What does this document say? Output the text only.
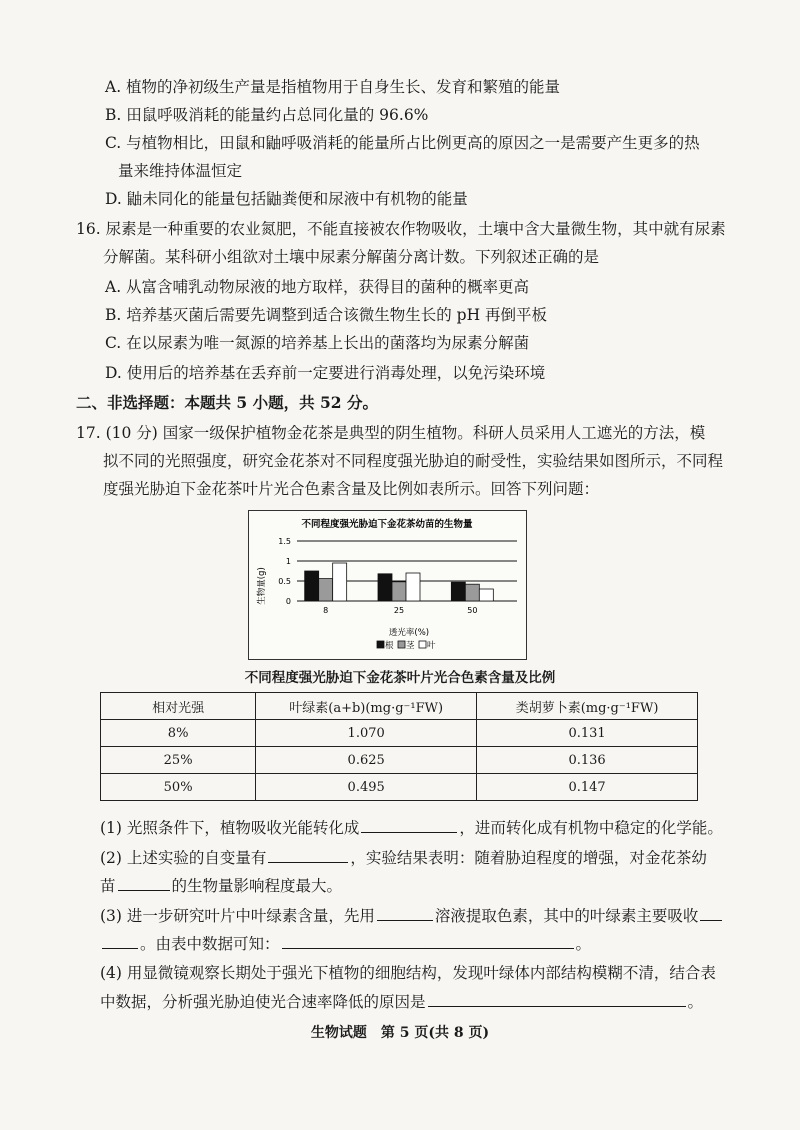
A. 植物的净初级生产量是指植物用于自身生长、发育和繁殖的能量
B. 田鼠呼吸消耗的能量约占总同化量的 96.6%
C. 与植物相比，田鼠和鼬呼吸消耗的能量所占比例更高的原因之一是需要产生更多的热
量来维持体温恒定
D. 鼬未同化的能量包括鼬粪便和尿液中有机物的能量
16. 尿素是一种重要的农业氮肥，不能直接被农作物吸收，土壤中含大量微生物，其中就有尿素
分解菌。某科研小组欲对土壤中尿素分解菌分离计数。下列叙述正确的是
A. 从富含哺乳动物尿液的地方取样，获得目的菌种的概率更高
B. 培养基灭菌后需要先调整到适合该微生物生长的 pH 再倒平板
C. 在以尿素为唯一氮源的培养基上长出的菌落均为尿素分解菌
D. 使用后的培养基在丢弃前一定要进行消毒处理，以免污染环境
二、非选择题：本题共 5 小题，共 52 分。
17. (10 分) 国家一级保护植物金花茶是典型的阴生植物。科研人员采用人工遮光的方法，模
拟不同的光照强度，研究金花茶对不同程度强光胁迫的耐受性，实验结果如图所示，不同程
度强光胁迫下金花茶叶片光合色素含量及比例如表所示。回答下列问题：
不同程度强光胁迫下金花茶幼苗的生物量
生物量(g)
透光率(%)
0
0.5
1
1.5
8	25	50
根 茎 叶
不同程度强光胁迫下金花茶叶片光合色素含量及比例
相对光强	叶绿素(a+b)(mg·g⁻¹FW)	类胡萝卜素(mg·g⁻¹FW)
8%	1.070	0.131
25%	0.625	0.136
50%	0.495	0.147
(1) 光照条件下，植物吸收光能转化成	，进而转化成有机物中稳定的化学能。
(2) 上述实验的自变量有	，实验结果表明：随着胁迫程度的增强，对金花茶幼
苗	的生物量影响程度最大。
(3) 进一步研究叶片中叶绿素含量，先用	溶液提取色素，其中的叶绿素主要吸收
。由表中数据可知：	。
(4) 用显微镜观察长期处于强光下植物的细胞结构，发现叶绿体内部结构模糊不清，结合表
中数据，分析强光胁迫使光合速率降低的原因是	。
生物试题　第 5 页(共 8 页)
